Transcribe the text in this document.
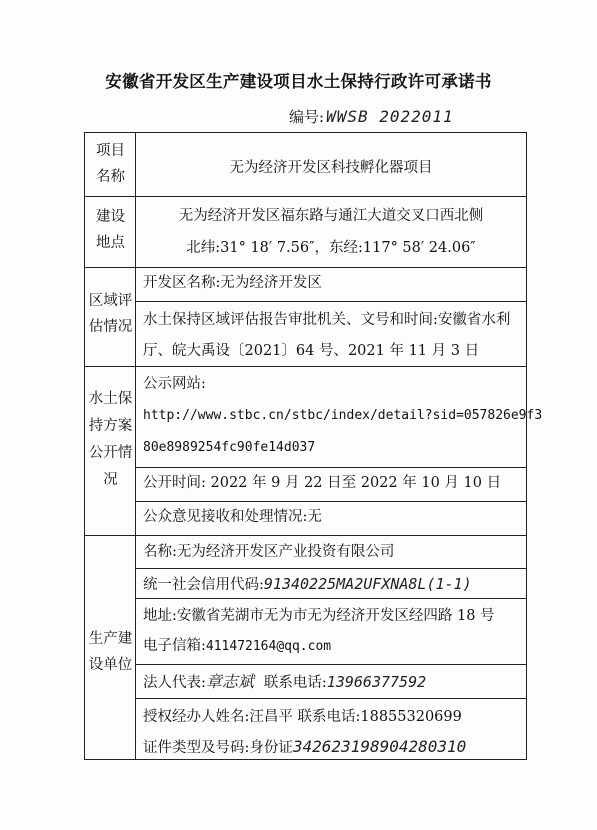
安徽省开发区生产建设项目水土保持行政许可承诺书
编号: WWSB 2022011
项目
名称
无为经济开发区科技孵化器项目
建设
地点
无为经济开发区福东路与通江大道交叉口西北侧
北纬:31° 18′ 7.56″，东经:117° 58′ 24.06″
区域评
估情况
开发区名称:无为经济开发区
水土保持区域评估报告审批机关、文号和时间:安徽省水利
厅、皖大禹设〔2021〕64 号、2021 年 11 月 3 日
水土保
持方案
公开情
况
公示网站:
http://www.stbc.cn/stbc/index/detail?sid=057826e9f3
80e8989254fc90fe14d037
公开时间: 2022 年 9 月 22 日至 2022 年 10 月 10 日
公众意见接收和处理情况:无
生产建
设单位
名称:无为经济开发区产业投资有限公司
统一社会信用代码:91340225MA2UFXNA8L(1-1)
地址:安徽省芜湖市无为市无为经济开发区经四路 18 号
电子信箱:411472164@qq.com
法人代表:章志斌 联系电话:13966377592
授权经办人姓名:汪昌平 联系电话:18855320699
证件类型及号码:身份证342623198904280310
